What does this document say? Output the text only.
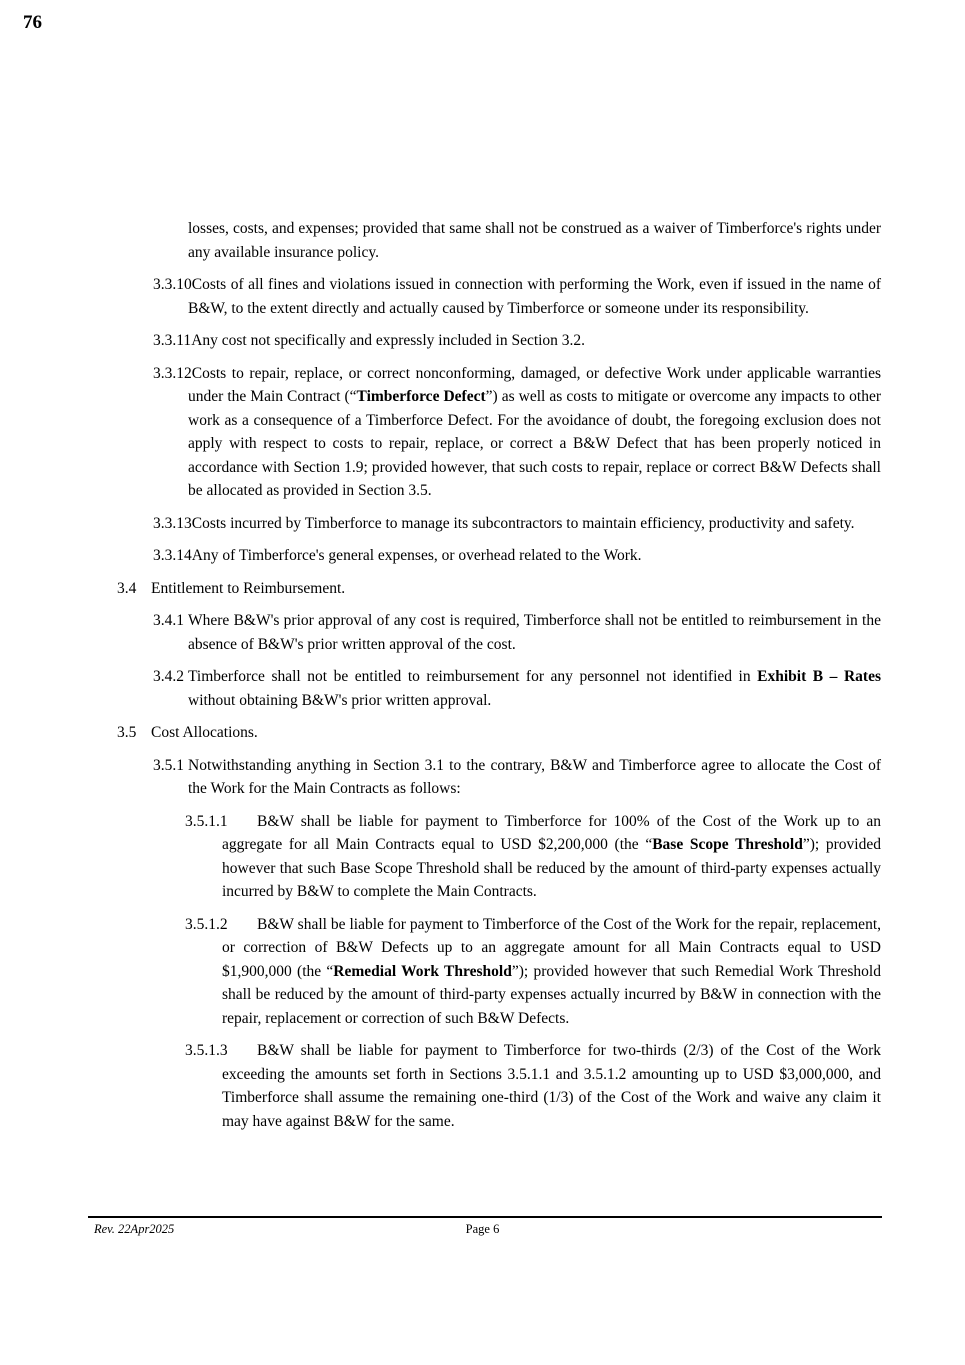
76

losses, costs, and expenses; provided that same shall not be construed as a waiver of Timberforce's rights under any available insurance policy.

3.3.10Costs of all fines and violations issued in connection with performing the Work, even if issued in the name of B&W, to the extent directly and actually caused by Timberforce or someone under its responsibility.
3.3.11Any cost not specifically and expressly included in Section 3.2.
3.3.12Costs to repair, replace, or correct nonconforming, damaged, or defective Work under applicable warranties under the Main Contract (“Timberforce Defect”) as well as costs to mitigate or overcome any impacts to other work as a consequence of a Timberforce Defect. For the avoidance of doubt, the foregoing exclusion does not apply with respect to costs to repair, replace, or correct a B&W Defect that has been properly noticed in accordance with Section 1.9; provided however, that such costs to repair, replace or correct B&W Defects shall be allocated as provided in Section 3.5.
3.3.13Costs incurred by Timberforce to manage its subcontractors to maintain efficiency, productivity and safety.
3.3.14Any of Timberforce's general expenses, or overhead related to the Work.
3.4 Entitlement to Reimbursement.
3.4.1 Where B&W's prior approval of any cost is required, Timberforce shall not be entitled to reimbursement in the absence of B&W's prior written approval of the cost.
3.4.2 Timberforce shall not be entitled to reimbursement for any personnel not identified in Exhibit B – Rates without obtaining B&W's prior written approval.
3.5 Cost Allocations.
3.5.1 Notwithstanding anything in Section 3.1 to the contrary, B&W and Timberforce agree to allocate the Cost of the Work for the Main Contracts as follows:
3.5.1.1 B&W shall be liable for payment to Timberforce for 100% of the Cost of the Work up to an aggregate for all Main Contracts equal to USD $2,200,000 (the “Base Scope Threshold”); provided however that such Base Scope Threshold shall be reduced by the amount of third-party expenses actually incurred by B&W to complete the Main Contracts.
3.5.1.2 B&W shall be liable for payment to Timberforce of the Cost of the Work for the repair, replacement, or correction of B&W Defects up to an aggregate amount for all Main Contracts equal to USD $1,900,000 (the “Remedial Work Threshold”); provided however that such Remedial Work Threshold shall be reduced by the amount of third-party expenses actually incurred by B&W in connection with the repair, replacement or correction of such B&W Defects.
3.5.1.3 B&W shall be liable for payment to Timberforce for two-thirds (2/3) of the Cost of the Work exceeding the amounts set forth in Sections 3.5.1.1 and 3.5.1.2 amounting up to USD $3,000,000, and Timberforce shall assume the remaining one-third (1/3) of the Cost of the Work and waive any claim it may have against B&W for the same.
Rev. 22Apr2025	Page 6
